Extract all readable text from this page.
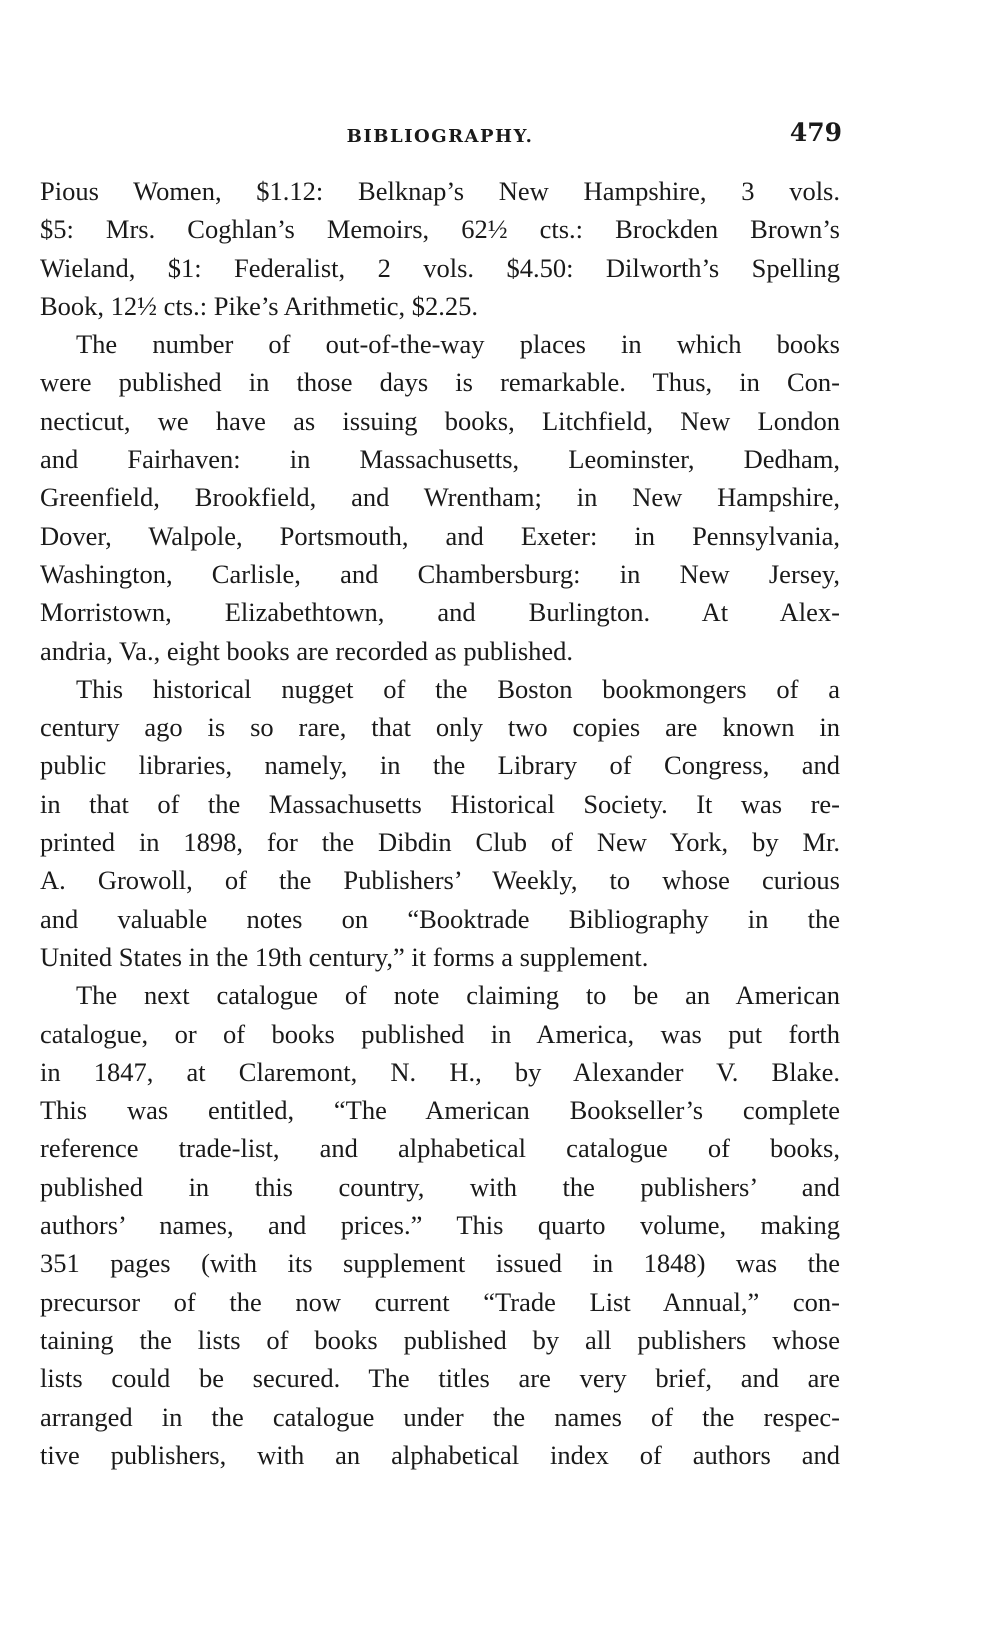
BIBLIOGRAPHY.	479
Pious Women, $1.12: Belknap’s New Hampshire, 3 vols.
$5: Mrs. Coghlan’s Memoirs, 62½ cts.: Brockden Brown’s
Wieland, $1: Federalist, 2 vols. $4.50: Dilworth’s Spelling
Book, 12½ cts.: Pike’s Arithmetic, $2.25.
The number of out-of-the-way places in which books
were published in those days is remarkable. Thus, in Con-
necticut, we have as issuing books, Litchfield, New London
and Fairhaven: in Massachusetts, Leominster, Dedham,
Greenfield, Brookfield, and Wrentham; in New Hampshire,
Dover, Walpole, Portsmouth, and Exeter: in Pennsylvania,
Washington, Carlisle, and Chambersburg: in New Jersey,
Morristown, Elizabethtown, and Burlington. At Alex-
andria, Va., eight books are recorded as published.
This historical nugget of the Boston bookmongers of a
century ago is so rare, that only two copies are known in
public libraries, namely, in the Library of Congress, and
in that of the Massachusetts Historical Society. It was re-
printed in 1898, for the Dibdin Club of New York, by Mr.
A. Growoll, of the Publishers’ Weekly, to whose curious
and valuable notes on “Booktrade Bibliography in the
United States in the 19th century,” it forms a supplement.
The next catalogue of note claiming to be an American
catalogue, or of books published in America, was put forth
in 1847, at Claremont, N. H., by Alexander V. Blake.
This was entitled, “The American Bookseller’s complete
reference trade-list, and alphabetical catalogue of books,
published in this country, with the publishers’ and
authors’ names, and prices.” This quarto volume, making
351 pages (with its supplement issued in 1848) was the
precursor of the now current “Trade List Annual,” con-
taining the lists of books published by all publishers whose
lists could be secured. The titles are very brief, and are
arranged in the catalogue under the names of the respec-
tive publishers, with an alphabetical index of authors and
